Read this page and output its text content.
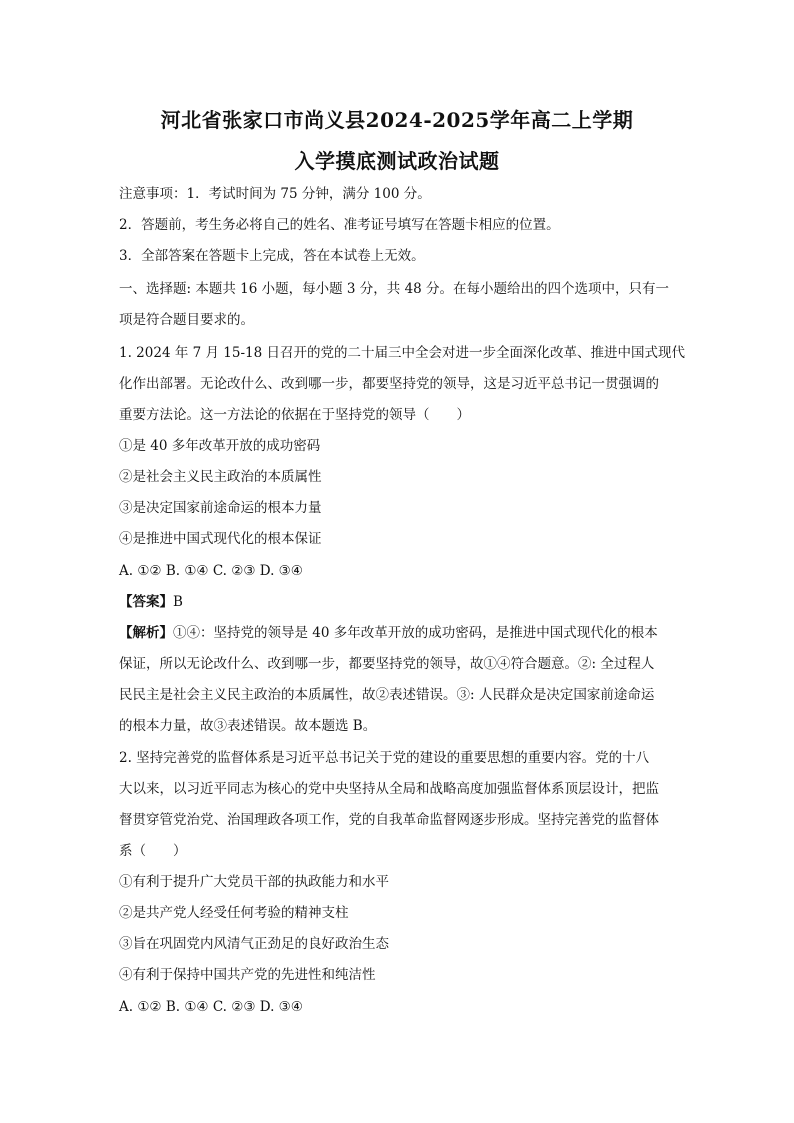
河北省张家口市尚义县2024-2025学年高二上学期
入学摸底测试政治试题
注意事项：1．考试时间为 75 分钟，满分 100 分。
2．答题前，考生务必将自己的姓名、准考证号填写在答题卡相应的位置。
3．全部答案在答题卡上完成，答在本试卷上无效。
一、选择题: 本题共 16 小题，每小题 3 分，共 48 分。在每小题给出的四个选项中，只有一
项是符合题目要求的。
1. 2024 年 7 月 15-18 日召开的党的二十届三中全会对进一步全面深化改革、推进中国式现代
化作出部署。无论改什么、改到哪一步，都要坚持党的领导，这是习近平总书记一贯强调的
重要方法论。这一方法论的依据在于坚持党的领导（　　）
①是 40 多年改革开放的成功密码
②是社会主义民主政治的本质属性
③是决定国家前途命运的根本力量
④是推进中国式现代化的根本保证
A. ①② B. ①④ C. ②③ D. ③④
【答案】B
【解析】①④：坚持党的领导是 40 多年改革开放的成功密码，是推进中国式现代化的根本
保证，所以无论改什么、改到哪一步，都要坚持党的领导，故①④符合题意。②: 全过程人
民民主是社会主义民主政治的本质属性，故②表述错误。③: 人民群众是决定国家前途命运
的根本力量，故③表述错误。故本题选 B。
2. 坚持完善党的监督体系是习近平总书记关于党的建设的重要思想的重要内容。党的十八
大以来，以习近平同志为核心的党中央坚持从全局和战略高度加强监督体系顶层设计，把监
督贯穿管党治党、治国理政各项工作，党的自我革命监督网逐步形成。坚持完善党的监督体
系（　　）
①有利于提升广大党员干部的执政能力和水平
②是共产党人经受任何考验的精神支柱
③旨在巩固党内风清气正劲足的良好政治生态
④有利于保持中国共产党的先进性和纯洁性
A. ①② B. ①④ C. ②③ D. ③④
